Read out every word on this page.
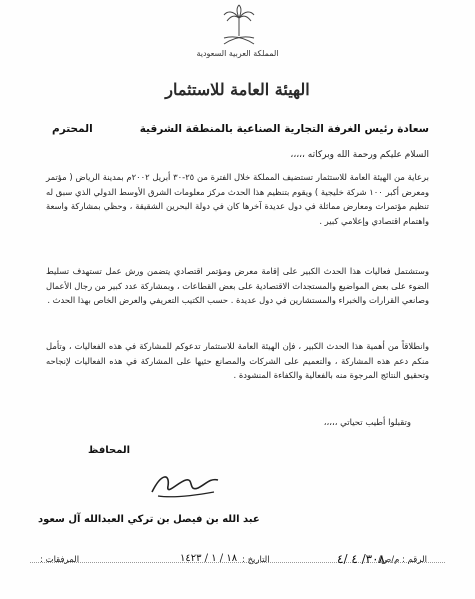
المملكة العربية السعودية
الهيئة العامة للاستثمار
سعادة رئيس الغرفة التجارية الصناعية بالمنطقة الشرقية
المحترم
السلام عليكم ورحمة الله وبركاته ،،،،،
برعاية من الهيئة العامة للاستثمار تستضيف المملكة خلال الفترة من ٢٥-٣٠ أبريل ٢٠٠٢م بمدينة الرياض ( مؤتمر ومعرض أكبر ١٠٠ شركة خليجية ) ويقوم بتنظيم هذا الحدث مركز معلومات الشرق الأوسط الدولي الذي سبق له تنظيم مؤتمرات ومعارض مماثلة في دول عديدة آخرها كان في دولة البحرين الشقيقة ، وحظي بمشاركة واسعة واهتمام اقتصادي وإعلامي كبير .
وستشتمل فعاليات هذا الحدث الكبير على إقامة معرض ومؤتمر اقتصادي يتضمن ورش عمل تستهدف تسليط الضوء على بعض المواضيع والمستجدات الاقتصادية على بعض القطاعات ، وبمشاركة عدد كبير من رجال الأعمال وصانعي القرارات والخبراء والمستشارين في دول عديدة . حسب الكتيب التعريفي والعرض الخاص بهذا الحدث .
وانطلاقاً من أهمية هذا الحدث الكبير ، فإن الهيئة العامة للاستثمار تدعوكم للمشاركة في هذه الفعاليات ، وتأمل منكم دعم هذه المشاركة ، والتعميم على الشركات والمصانع حثيها على المشاركة في هذه الفعاليات لإنجاحه وتحقيق النتائج المرجوة منه بالفعالية والكفاءة المنشودة .
وتقبلوا أطيب تحياتي ،،،،،
المحافظ
عبد الله بن فيصل بن تركي العبدالله آل سعود
الرقم : م/ص/
٣٠٨/ ٤ /٤
التاريخ :
١٨ / ١ / ١٤٢٣
المرفقات :
